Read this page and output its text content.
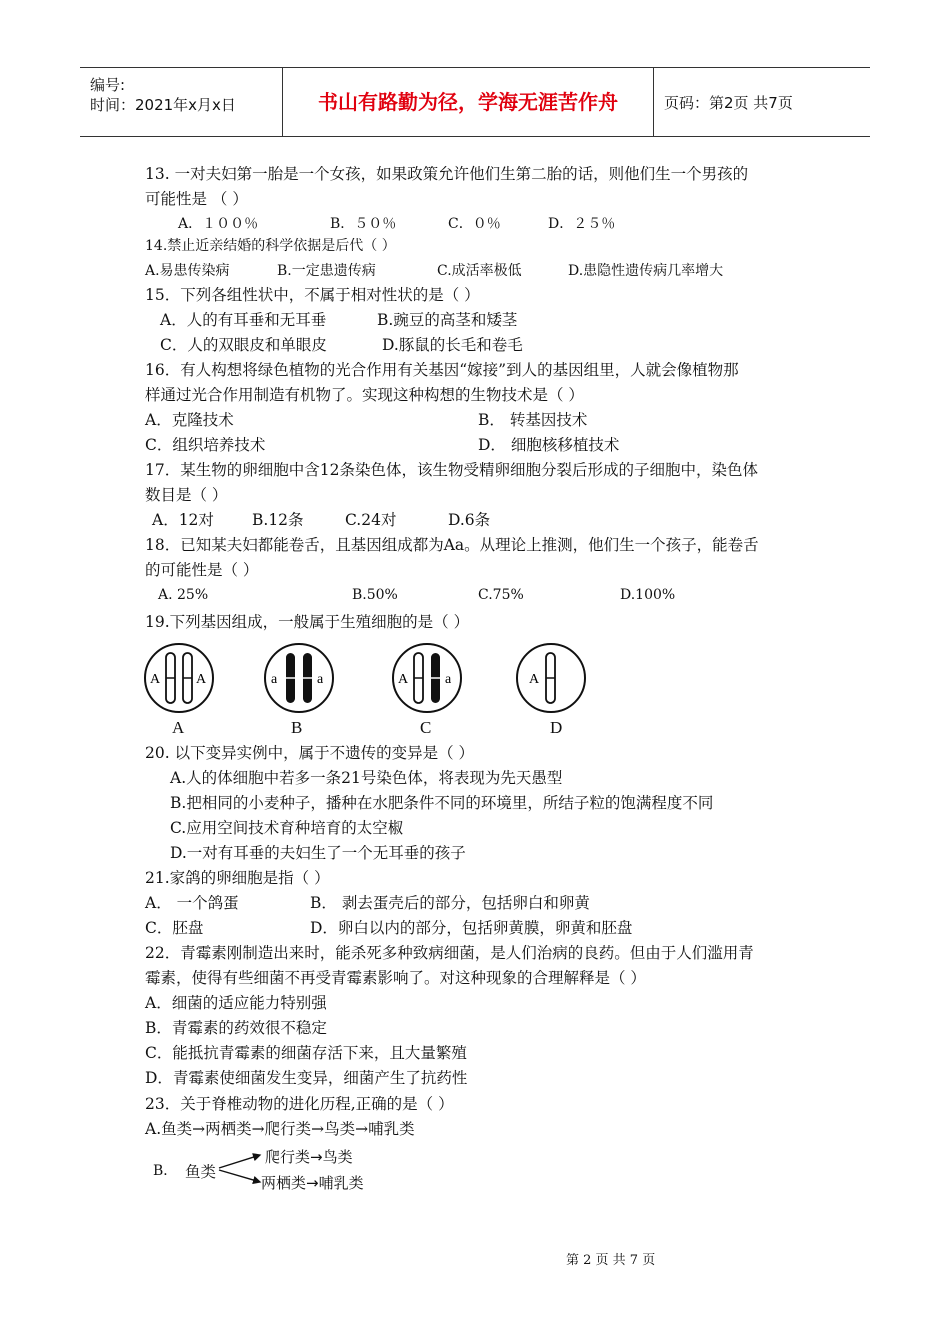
编号:
时间：2021年x月x日	书山有路勤为径，学海无涯苦作舟	页码：第2页 共7页
13. 一对夫妇第一胎是一个女孩，如果政策允许他们生第二胎的话，则他们生一个男孩的
可能性是 （ ）
A．１００％	B．５０％	C．０％	D．２５％
14.禁止近亲结婚的科学依据是后代（ ）
A.易患传染病	B.一定患遗传病	C.成活率极低	D.患隐性遗传病几率增大
15．下列各组性状中，不属于相对性状的是（ ）
A．人的有耳垂和无耳垂	B.豌豆的高茎和矮茎
C．人的双眼皮和单眼皮	D.豚鼠的长毛和卷毛
16．有人构想将绿色植物的光合作用有关基因“嫁接”到人的基因组里，人就会像植物那
样通过光合作用制造有机物了。实现这种构想的生物技术是（ ）
A．克隆技术	B． 转基因技术
C．组织培养技术	D． 细胞核移植技术
17．某生物的卵细胞中含12条染色体，该生物受精卵细胞分裂后形成的子细胞中，染色体
数目是（ ）
A．12对 B.12条	C.24对	D.6条
18．已知某夫妇都能卷舌，且基因组成都为Aa。从理论上推测，他们生一个孩子，能卷舌
的可能性是（ ）
A. 25%	B.50%	C.75%	D.100%
19.下列基因组成，一般属于生殖细胞的是（ ）
A	A	a	a	A	a	A
A	B	C	D
20. 以下变异实例中，属于不遗传的变异是（ ）
A.人的体细胞中若多一条21号染色体，将表现为先天愚型
B.把相同的小麦种子，播种在水肥条件不同的环境里，所结子粒的饱满程度不同
C.应用空间技术育种培育的太空椒
D.一对有耳垂的夫妇生了一个无耳垂的孩子
21.家鸽的卵细胞是指（ ）
A． 一个鸽蛋	B． 剥去蛋壳后的部分，包括卵白和卵黄
C．胚盘	D．卵白以内的部分，包括卵黄膜，卵黄和胚盘
22．青霉素刚制造出来时，能杀死多种致病细菌，是人们治病的良药。但由于人们滥用青
霉素，使得有些细菌不再受青霉素影响了。对这种现象的合理解释是（ ）
A．细菌的适应能力特别强
B．青霉素的药效很不稳定
C．能抵抗青霉素的细菌存活下来，且大量繁殖
D．青霉素使细菌发生变异，细菌产生了抗药性
23．关于脊椎动物的进化历程,正确的是（ ）
A.鱼类→两栖类→爬行类→鸟类→哺乳类
B． 鱼类
爬行类→鸟类
两栖类→哺乳类
第 2 页 共 7 页
